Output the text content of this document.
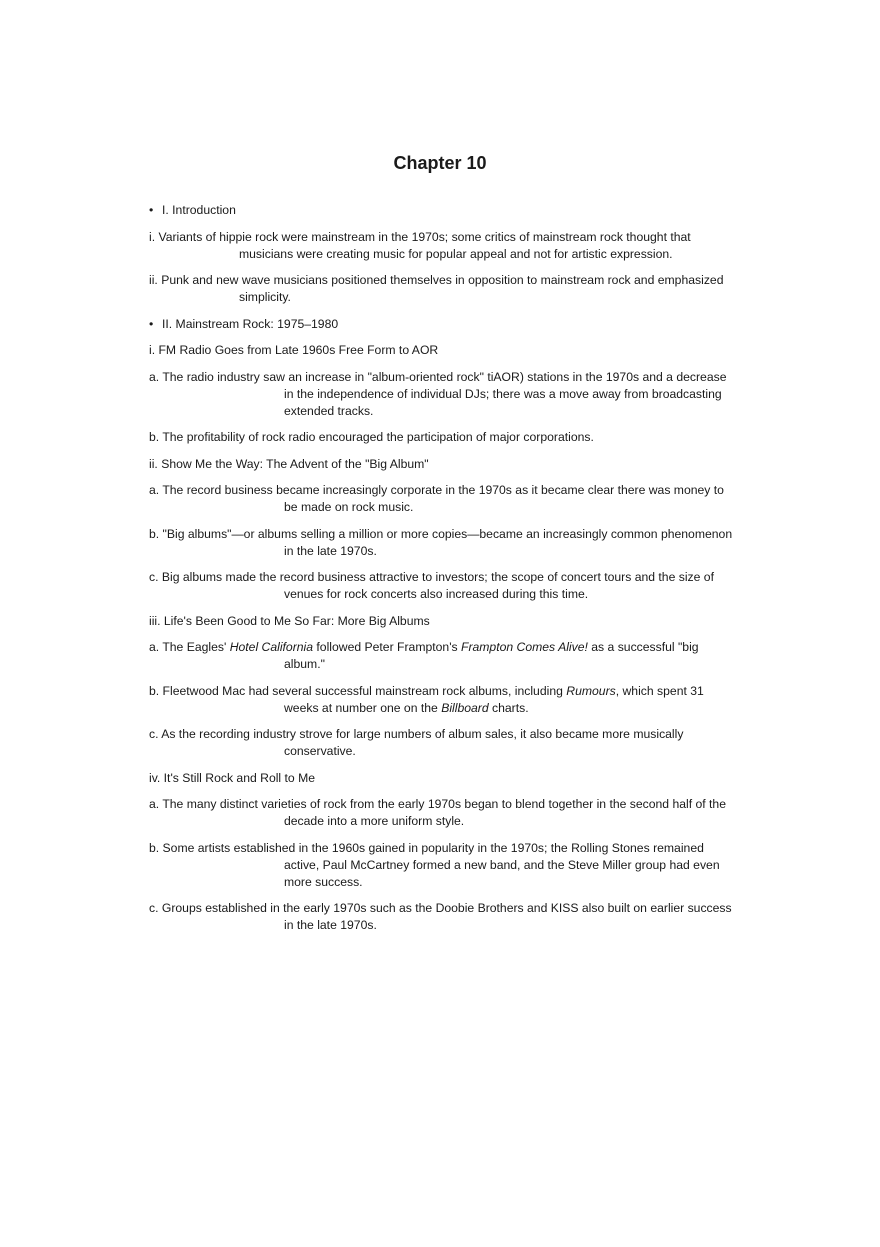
Chapter 10

• I. Introduction

i. Variants of hippie rock were mainstream in the 1970s; some critics of mainstream rock thought that musicians were creating music for popular appeal and not for artistic expression.

ii. Punk and new wave musicians positioned themselves in opposition to mainstream rock and emphasized simplicity.

• II. Mainstream Rock: 1975–1980

i. FM Radio Goes from Late 1960s Free Form to AOR

a. The radio industry saw an increase in "album-oriented rock" tiAOR) stations in the 1970s and a decrease in the independence of individual DJs; there was a move away from broadcasting extended tracks.

b. The profitability of rock radio encouraged the participation of major corporations.

ii. Show Me the Way: The Advent of the "Big Album"

a. The record business became increasingly corporate in the 1970s as it became clear there was money to be made on rock music.

b. "Big albums"—or albums selling a million or more copies—became an increasingly common phenomenon in the late 1970s.

c. Big albums made the record business attractive to investors; the scope of concert tours and the size of venues for rock concerts also increased during this time.

iii. Life's Been Good to Me So Far: More Big Albums

a. The Eagles' Hotel California followed Peter Frampton's Frampton Comes Alive! as a successful "big album."

b. Fleetwood Mac had several successful mainstream rock albums, including Rumours, which spent 31 weeks at number one on the Billboard charts.

c. As the recording industry strove for large numbers of album sales, it also became more musically conservative.

iv. It's Still Rock and Roll to Me

a. The many distinct varieties of rock from the early 1970s began to blend together in the second half of the decade into a more uniform style.

b. Some artists established in the 1960s gained in popularity in the 1970s; the Rolling Stones remained active, Paul McCartney formed a new band, and the Steve Miller group had even more success.

c. Groups established in the early 1970s such as the Doobie Brothers and KISS also built on earlier success in the late 1970s.
